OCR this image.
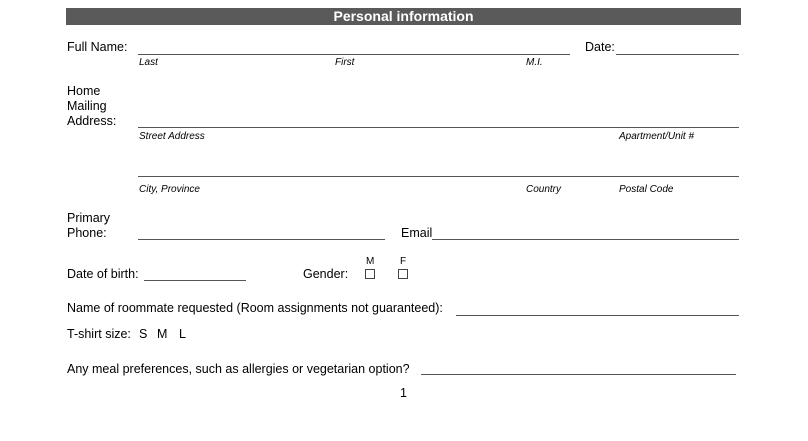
Personal information
Full Name:
Last	First	M.I.
Date:
Home
Mailing
Address:
Street Address	Apartment/Unit #
City, Province	Country	Postal Code
Primary
Phone:	Email
Date of birth:	Gender:
M	F
Name of roommate requested (Room assignments not guaranteed):
T-shirt size: S M L
Any meal preferences, such as allergies or vegetarian option?
1
